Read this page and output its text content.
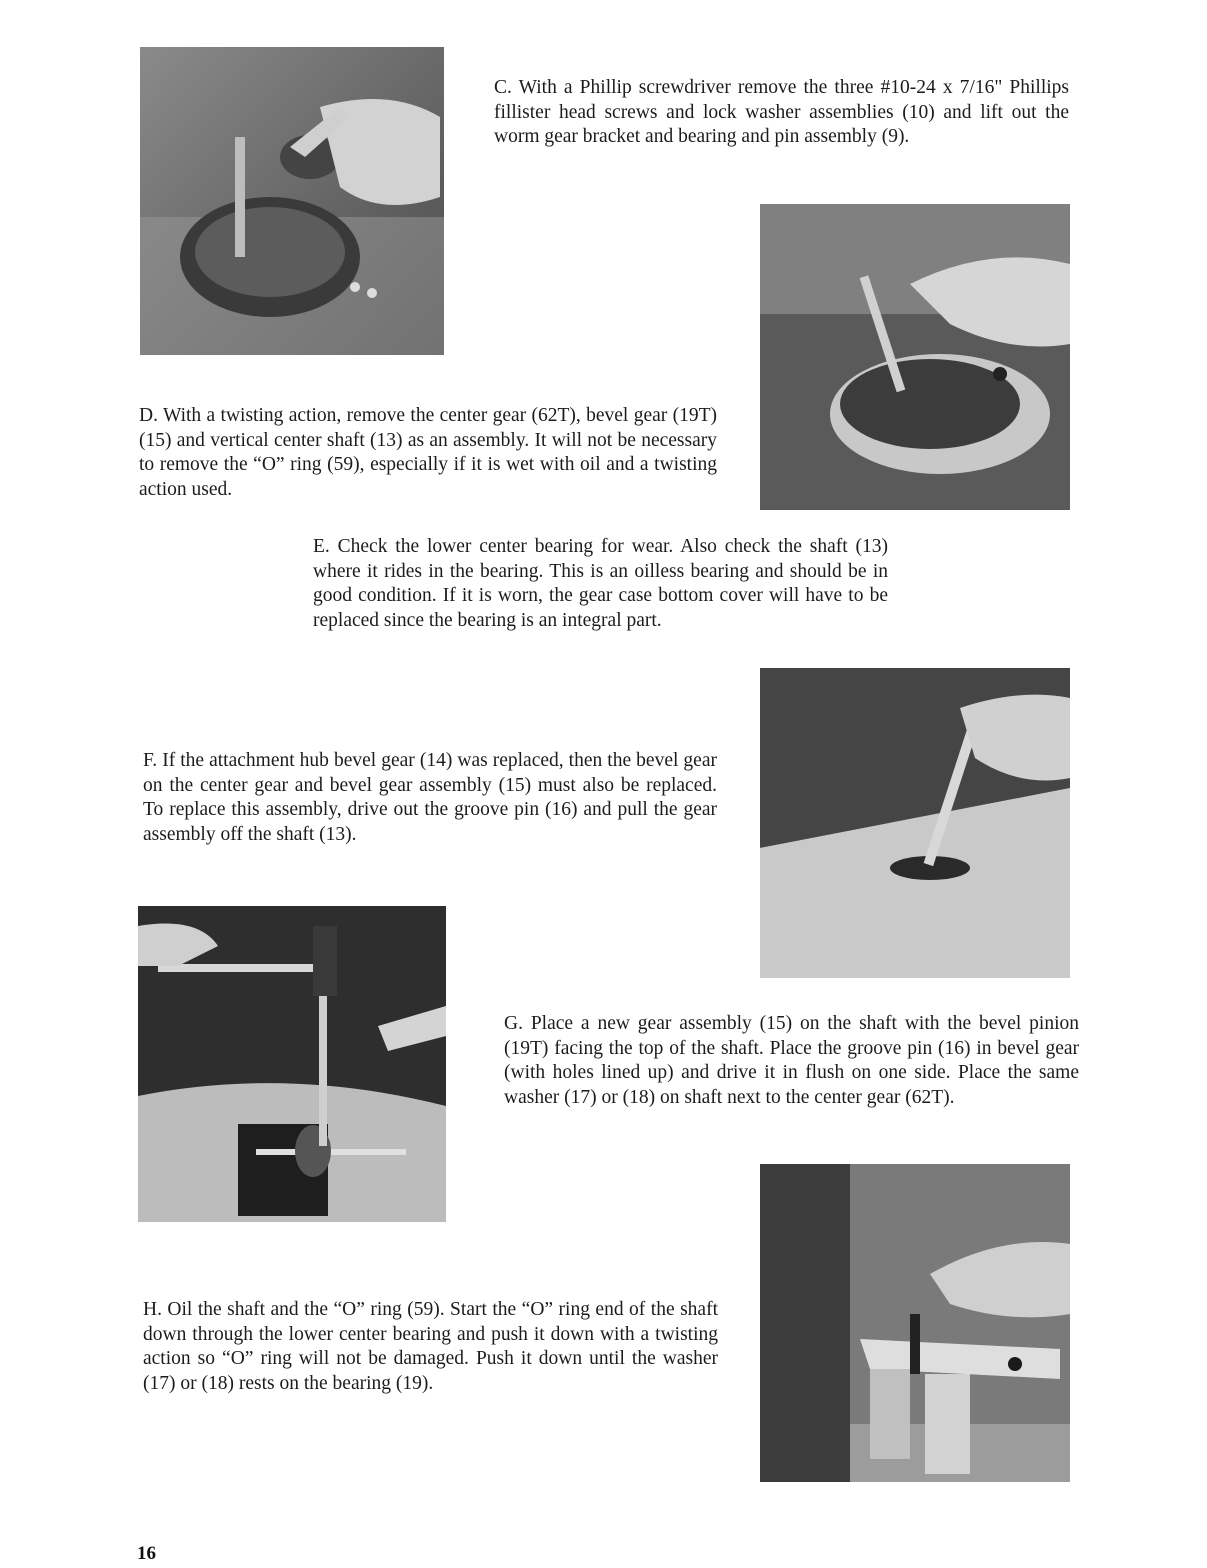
C. With a Phillip screwdriver remove the three #10-24 x 7/16" Phillips fillister head screws and lock washer assemblies (10) and lift out the worm gear bracket and bearing and pin assembly (9).

D. With a twisting action, remove the center gear (62T), bevel gear (19T) (15) and vertical center shaft (13) as an assembly. It will not be necessary to remove the “O” ring (59), especially if it is wet with oil and a twisting action used.

E. Check the lower center bearing for wear. Also check the shaft (13) where it rides in the bearing. This is an oilless bearing and should be in good condition. If it is worn, the gear case bottom cover will have to be replaced since the bearing is an integral part.

F. If the attachment hub bevel gear (14) was replaced, then the bevel gear on the center gear and bevel gear assembly (15) must also be replaced. To replace this assembly, drive out the groove pin (16) and pull the gear assembly off the shaft (13).

G. Place a new gear assembly (15) on the shaft with the bevel pinion (19T) facing the top of the shaft. Place the groove pin (16) in bevel gear (with holes lined up) and drive it in flush on one side. Place the same washer (17) or (18) on shaft next to the center gear (62T).

H. Oil the shaft and the “O” ring (59). Start the “O” ring end of the shaft down through the lower center bearing and push it down with a twisting action so “O” ring will not be damaged. Push it down until the washer (17) or (18) rests on the bearing (19).

16
